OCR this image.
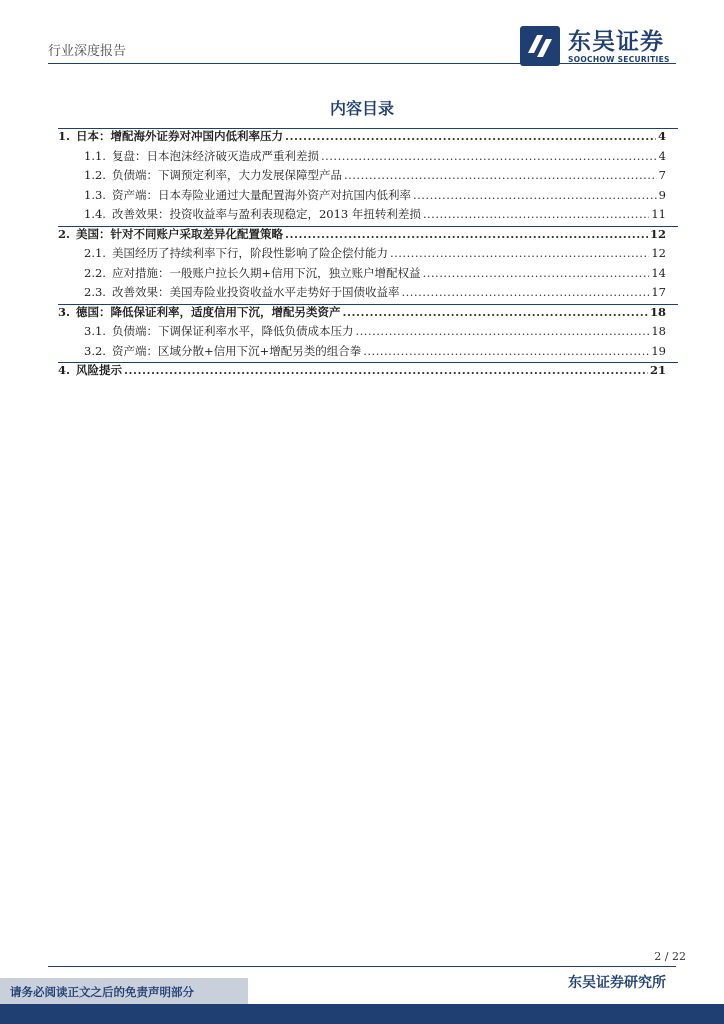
行业深度报告	东吴证券
SOOCHOW SECURITIES
内容目录
1. 日本：增配海外证券对冲国内低利率压力 .....	4
1.1. 复盘：日本泡沫经济破灭造成严重利差损 .....	4
1.2. 负债端：下调预定利率，大力发展保障型产品 .....	7
1.3. 资产端：日本寿险业通过大量配置海外资产对抗国内低利率 .....	9
1.4. 改善效果：投资收益率与盈利表现稳定，2013 年扭转利差损 .....	11
2. 美国：针对不同账户采取差异化配置策略 .....	12
2.1. 美国经历了持续利率下行，阶段性影响了险企偿付能力 .....	12
2.2. 应对措施：一般账户拉长久期+信用下沉，独立账户增配权益 .....	14
2.3. 改善效果：美国寿险业投资收益水平走势好于国债收益率 .....	17
3. 德国：降低保证利率，适度信用下沉，增配另类资产 .....	18
3.1. 负债端：下调保证利率水平，降低负债成本压力 .....	18
3.2. 资产端：区域分散+信用下沉+增配另类的组合拳 .....	19
4. 风险提示 .....	21
2 / 22
东吴证券研究所
请务必阅读正文之后的免责声明部分
